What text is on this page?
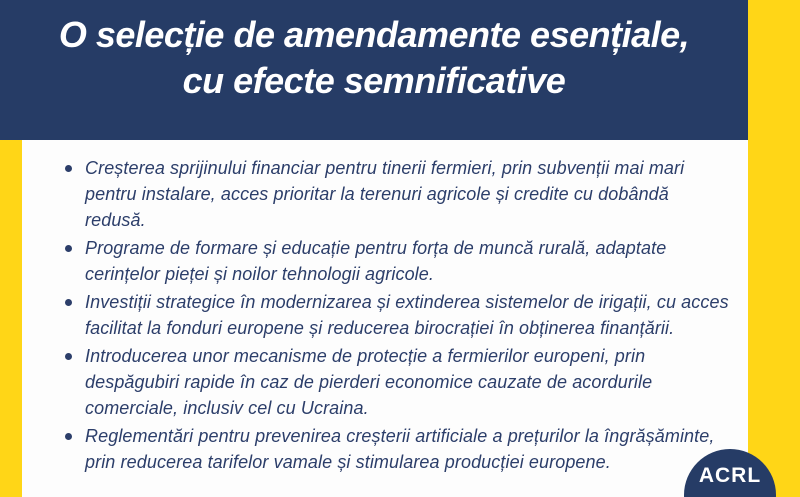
O selecție de amendamente esențiale,
cu efecte semnificative
Creșterea sprijinului financiar pentru tinerii fermieri, prin subvenții mai mari pentru instalare, acces prioritar la terenuri agricole și credite cu dobândă redusă.
Programe de formare și educație pentru forța de muncă rurală, adaptate cerințelor pieței și noilor tehnologii agricole.
Investiții strategice în modernizarea și extinderea sistemelor de irigații, cu acces facilitat la fonduri europene și reducerea birocrației în obținerea finanțării.
Introducerea unor mecanisme de protecție a fermierilor europeni, prin despăgubiri rapide în caz de pierderi economice cauzate de acordurile comerciale, inclusiv cel cu Ucraina.
Reglementări pentru prevenirea creșterii artificiale a prețurilor la îngrășăminte, prin reducerea tarifelor vamale și stimularea producției europene.
ACRL
